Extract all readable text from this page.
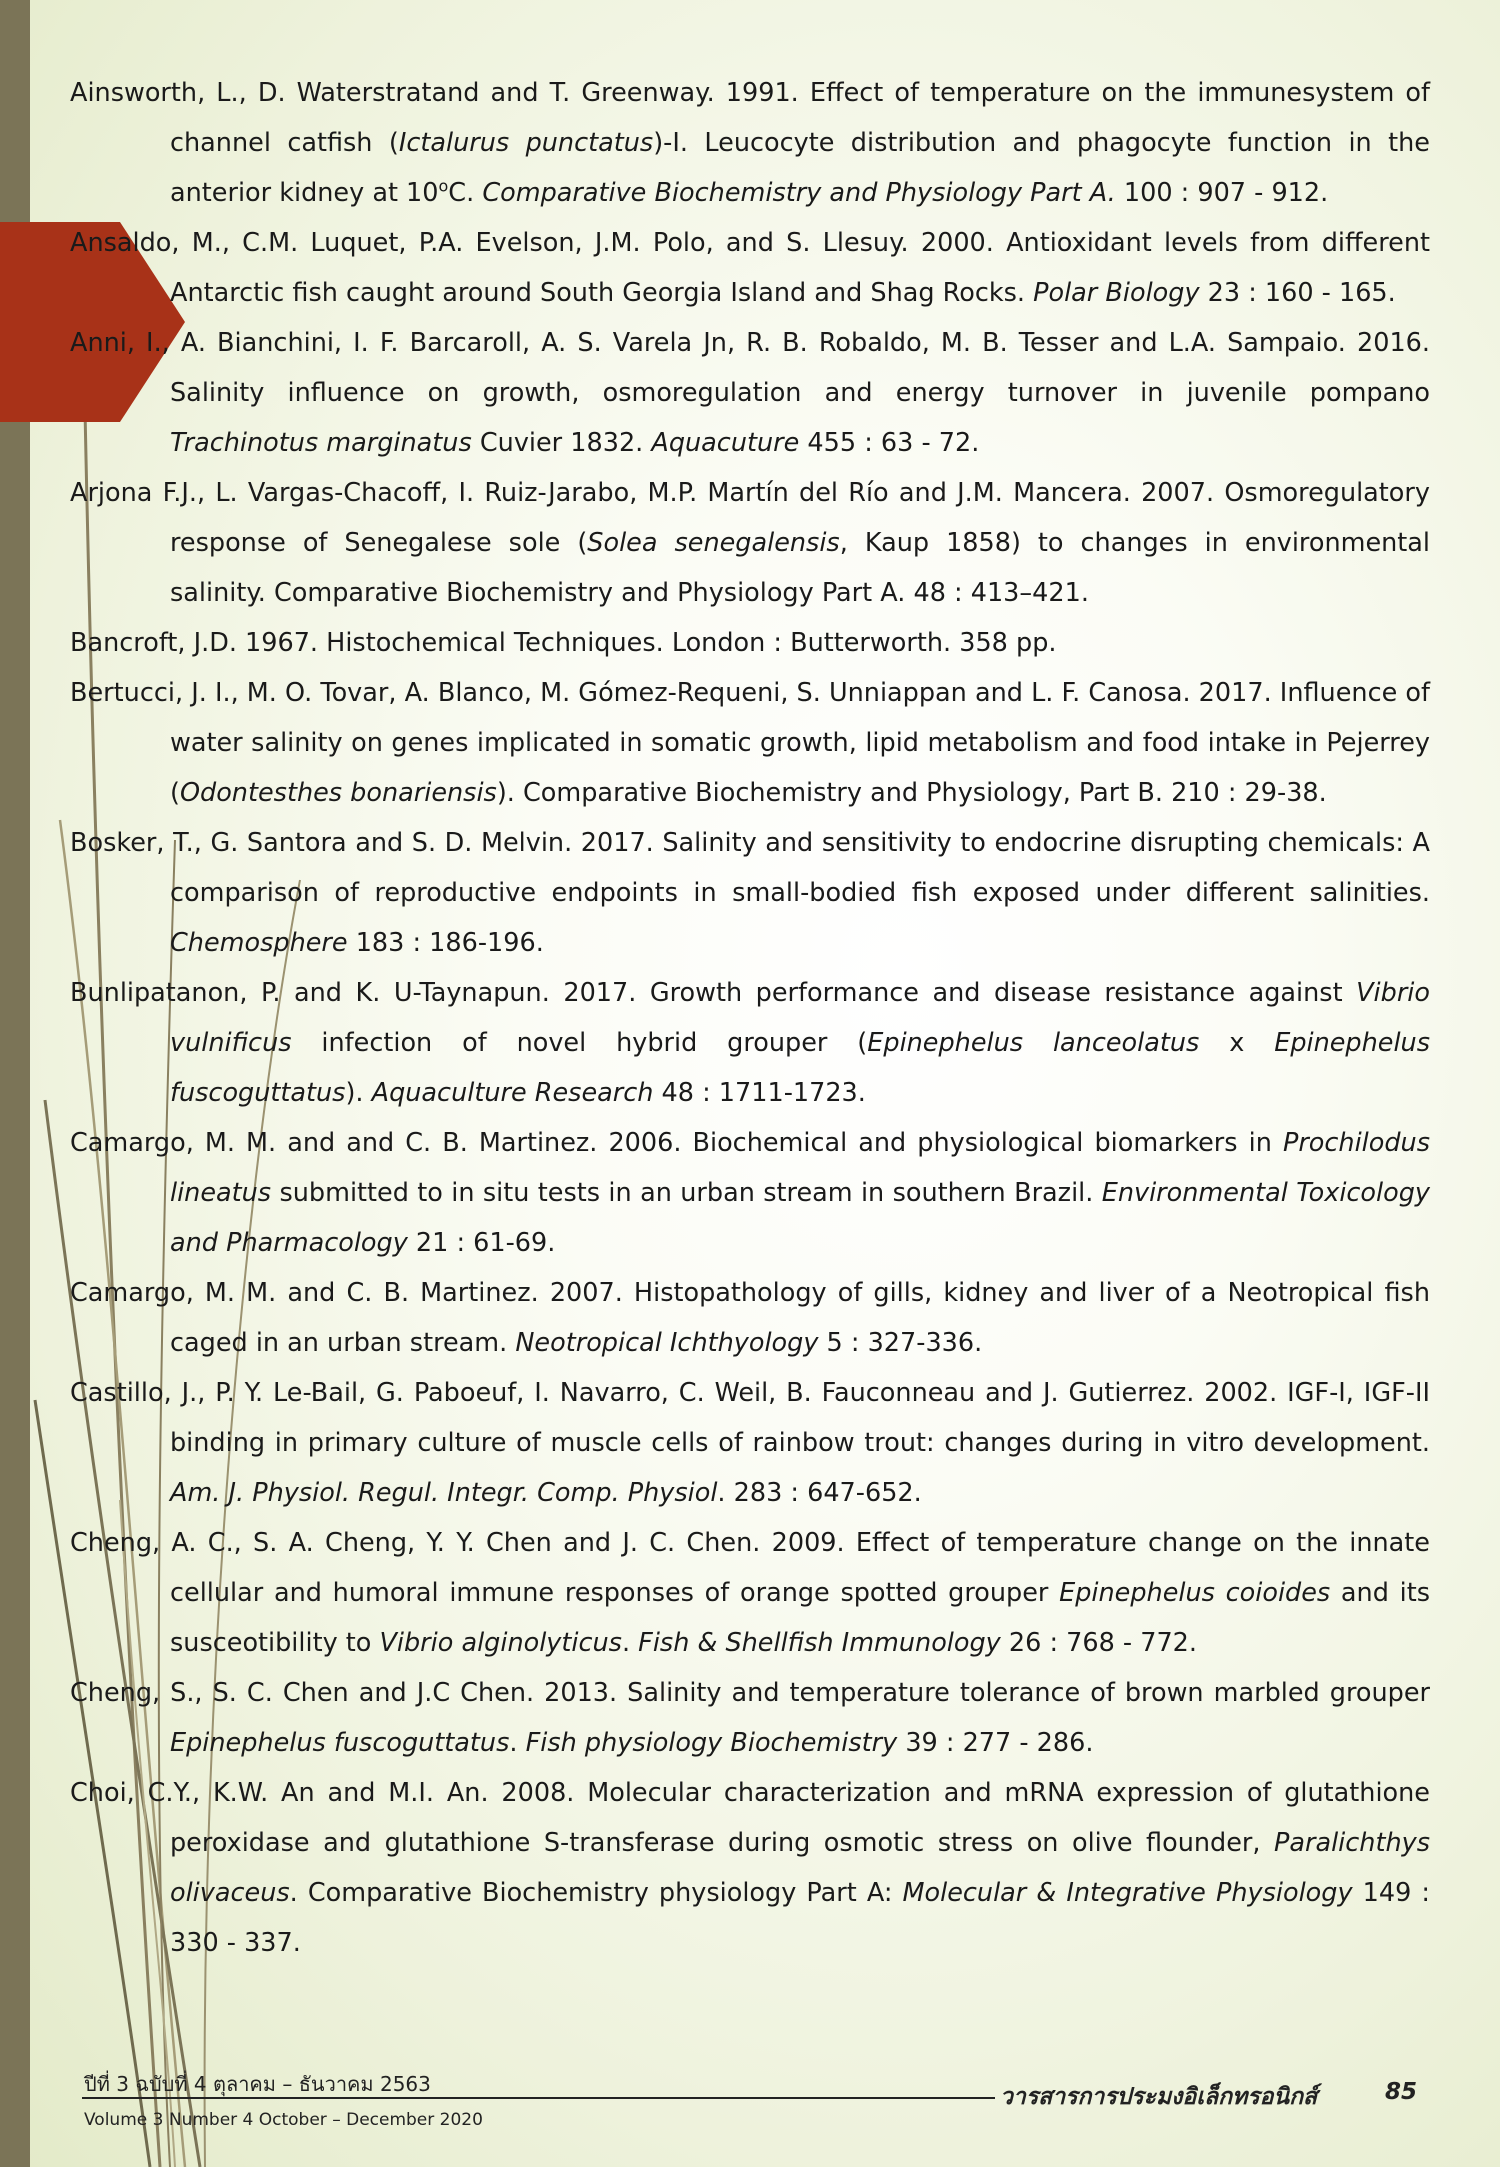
Ainsworth, L., D. Waterstratand and T. Greenway. 1991. Effect of temperature on the immunesystem of channel catfish (Ictalurus punctatus)-I. Leucocyte distribution and phagocyte function in the anterior kidney at 10$^o$C. Comparative Biochemistry and Physiology Part A. 100 : 907 - 912.

Ansaldo, M., C.M. Luquet, P.A. Evelson, J.M. Polo, and S. Llesuy. 2000. Antioxidant levels from different Antarctic fish caught around South Georgia Island and Shag Rocks. Polar Biology 23 : 160 - 165.

Anni, I., A. Bianchini, I. F. Barcaroll, A. S. Varela Jn, R. B. Robaldo, M. B. Tesser and L.A. Sampaio. 2016. Salinity influence on growth, osmoregulation and energy turnover in juvenile pompano Trachinotus marginatus Cuvier 1832. Aquacuture 455 : 63 - 72.

Arjona F.J., L. Vargas-Chacoff, I. Ruiz-Jarabo, M.P. Martín del Río and J.M. Mancera. 2007. Osmoregulatory response of Senegalese sole (Solea senegalensis, Kaup 1858) to changes in environmental salinity. Comparative Biochemistry and Physiology Part A. 48 : 413–421.

Bancroft, J.D. 1967. Histochemical Techniques. London : Butterworth. 358 pp.

Bertucci, J. I., M. O. Tovar, A. Blanco, M. Gómez-Requeni, S. Unniappan and L. F. Canosa. 2017. Influence of water salinity on genes implicated in somatic growth, lipid metabolism and food intake in Pejerrey (Odontesthes bonariensis). Comparative Biochemistry and Physiology, Part B. 210 : 29-38.

Bosker, T., G. Santora and S. D. Melvin. 2017. Salinity and sensitivity to endocrine disrupting chemicals: A comparison of reproductive endpoints in small-bodied fish exposed under different salinities. Chemosphere 183 : 186-196.

Bunlipatanon, P. and K. U-Taynapun. 2017. Growth performance and disease resistance against Vibrio vulnificus infection of novel hybrid grouper (Epinephelus lanceolatus x Epinephelus fuscoguttatus). Aquaculture Research 48 : 1711-1723.

Camargo, M. M. and and C. B. Martinez. 2006. Biochemical and physiological biomarkers in Prochilodus lineatus submitted to in situ tests in an urban stream in southern Brazil. Environmental Toxicology and Pharmacology 21 : 61-69.

Camargo, M. M. and C. B. Martinez. 2007. Histopathology of gills, kidney and liver of a Neotropical fish caged in an urban stream. Neotropical Ichthyology 5 : 327-336.

Castillo, J., P. Y. Le-Bail, G. Paboeuf, I. Navarro, C. Weil, B. Fauconneau and J. Gutierrez. 2002. IGF-I, IGF-II binding in primary culture of muscle cells of rainbow trout: changes during in vitro development. Am. J. Physiol. Regul. Integr. Comp. Physiol. 283 : 647-652.

Cheng, A. C., S. A. Cheng, Y. Y. Chen and J. C. Chen. 2009. Effect of temperature change on the innate cellular and humoral immune responses of orange spotted grouper Epinephelus coioides and its susceotibility to Vibrio alginolyticus. Fish & Shellfish Immunology 26 : 768 - 772.

Cheng, S., S. C. Chen and J.C Chen. 2013. Salinity and temperature tolerance of brown marbled grouper Epinephelus fuscoguttatus. Fish physiology Biochemistry 39 : 277 - 286.

Choi, C.Y., K.W. An and M.I. An. 2008. Molecular characterization and mRNA expression of glutathione peroxidase and glutathione S-transferase during osmotic stress on olive flounder, Paralichthys olivaceus. Comparative Biochemistry physiology Part A: Molecular & Integrative Physiology 149 : 330 - 337.

ปีที่ 3 ฉบับที่ 4 ตุลาคม – ธันวาคม 2563
Volume 3 Number 4 October – December 2020
วารสารการประมงอิเล็กทรอนิกส์	85
